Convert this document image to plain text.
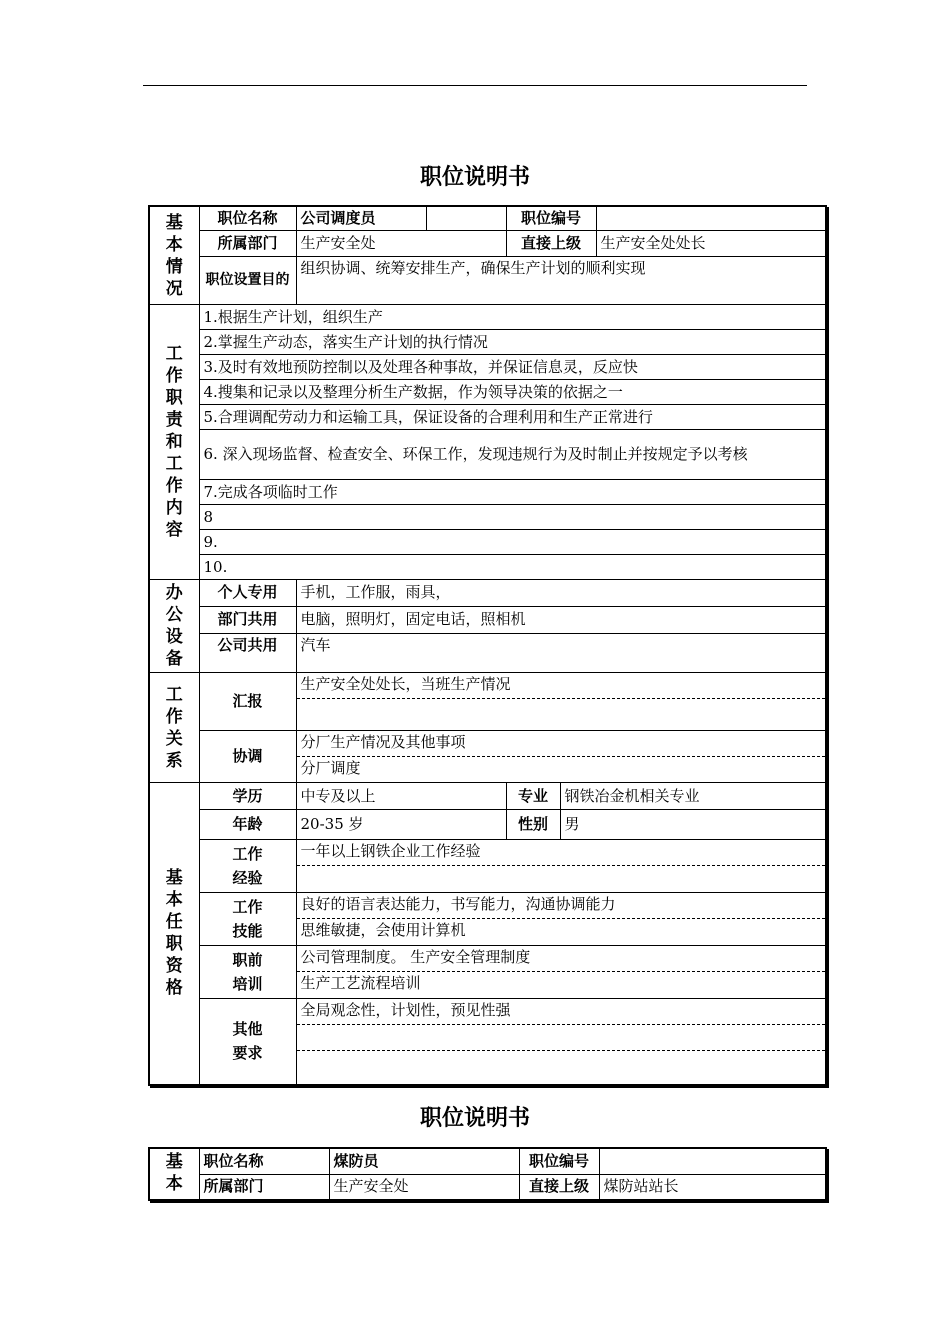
职位说明书
基本情况	职位名称	公司调度员		职位编号		
	所属部门	生产安全处		直接上级		生产安全处处长
	职位设置目的	组织协调、统筹安排生产，确保生产计划的顺利实现				

工作职责和工作内容	1.根据生产计划，组织生产					
	2.掌握生产动态，落实生产计划的执行情况					
	3.及时有效地预防控制以及处理各种事故，并保证信息灵，反应快					
	4.搜集和记录以及整理分析生产数据，作为领导决策的依据之一					
	5.合理调配劳动力和运输工具，保证设备的合理利用和生产正常进行					
	6. 深入现场监督、检查安全、环保工作，发现违规行为及时制止并按规定予以考核					
	7.完成各项临时工作					
	8					
	9.					
	10.					

办公设备	个人专用	手机，工作服，雨具，				
	部门共用	电脑，照明灯，固定电话，照相机				
	公司共用	汽车				

工作关系	汇报	生产安全处处长，当班生产情况				

	协调	分厂生产情况及其他事项
分厂调度				

基本任职资格	学历	中专及以上		专业	钢铁冶金机相关专业	
	年龄	20-35 岁		性别	男	

	工作经验	一年以上钢铁企业工作经验				

	工作技能	良好的语言表达能力，书写能力，沟通协调能力
思维敏捷，会使用计算机				

	职前培训	公司管理制度。 生产安全管理制度
生产工艺流程培训				

	其他要求	全局观念性，计划性，预见性强				
职位说明书
基本	职位名称	煤防员	职位编号	
	所属部门	生产安全处	直接上级	煤防站站长
